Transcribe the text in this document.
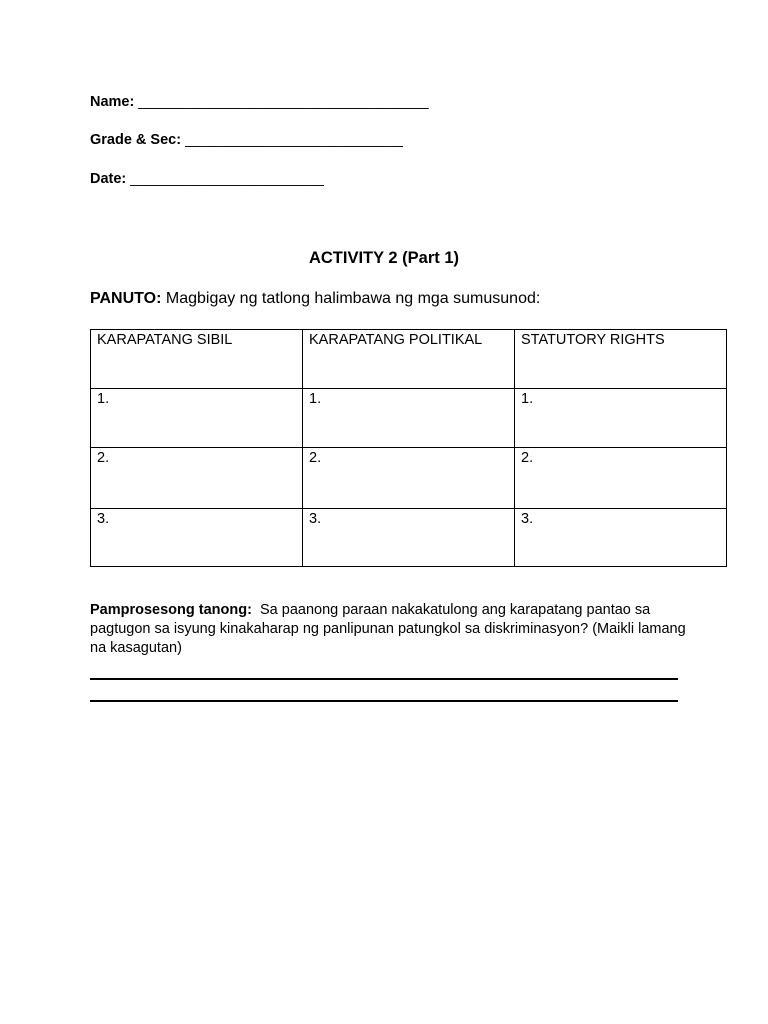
Name: ____________________________________
Grade & Sec: ___________________________
Date: ________________________
ACTIVITY 2 (Part 1)
PANUTO: Magbigay ng tatlong halimbawa ng mga sumusunod:
KARAPATANG SIBIL	KARAPATANG POLITIKAL	STATUTORY RIGHTS
1.	1.	1.
2.	2.	2.
3.	3.	3.
Pamprosesong tanong: Sa paanong paraan nakakatulong ang karapatang pantao sa pagtugon sa isyung kinakaharap ng panlipunan patungkol sa diskriminasyon? (Maikli lamang na kasagutan)
